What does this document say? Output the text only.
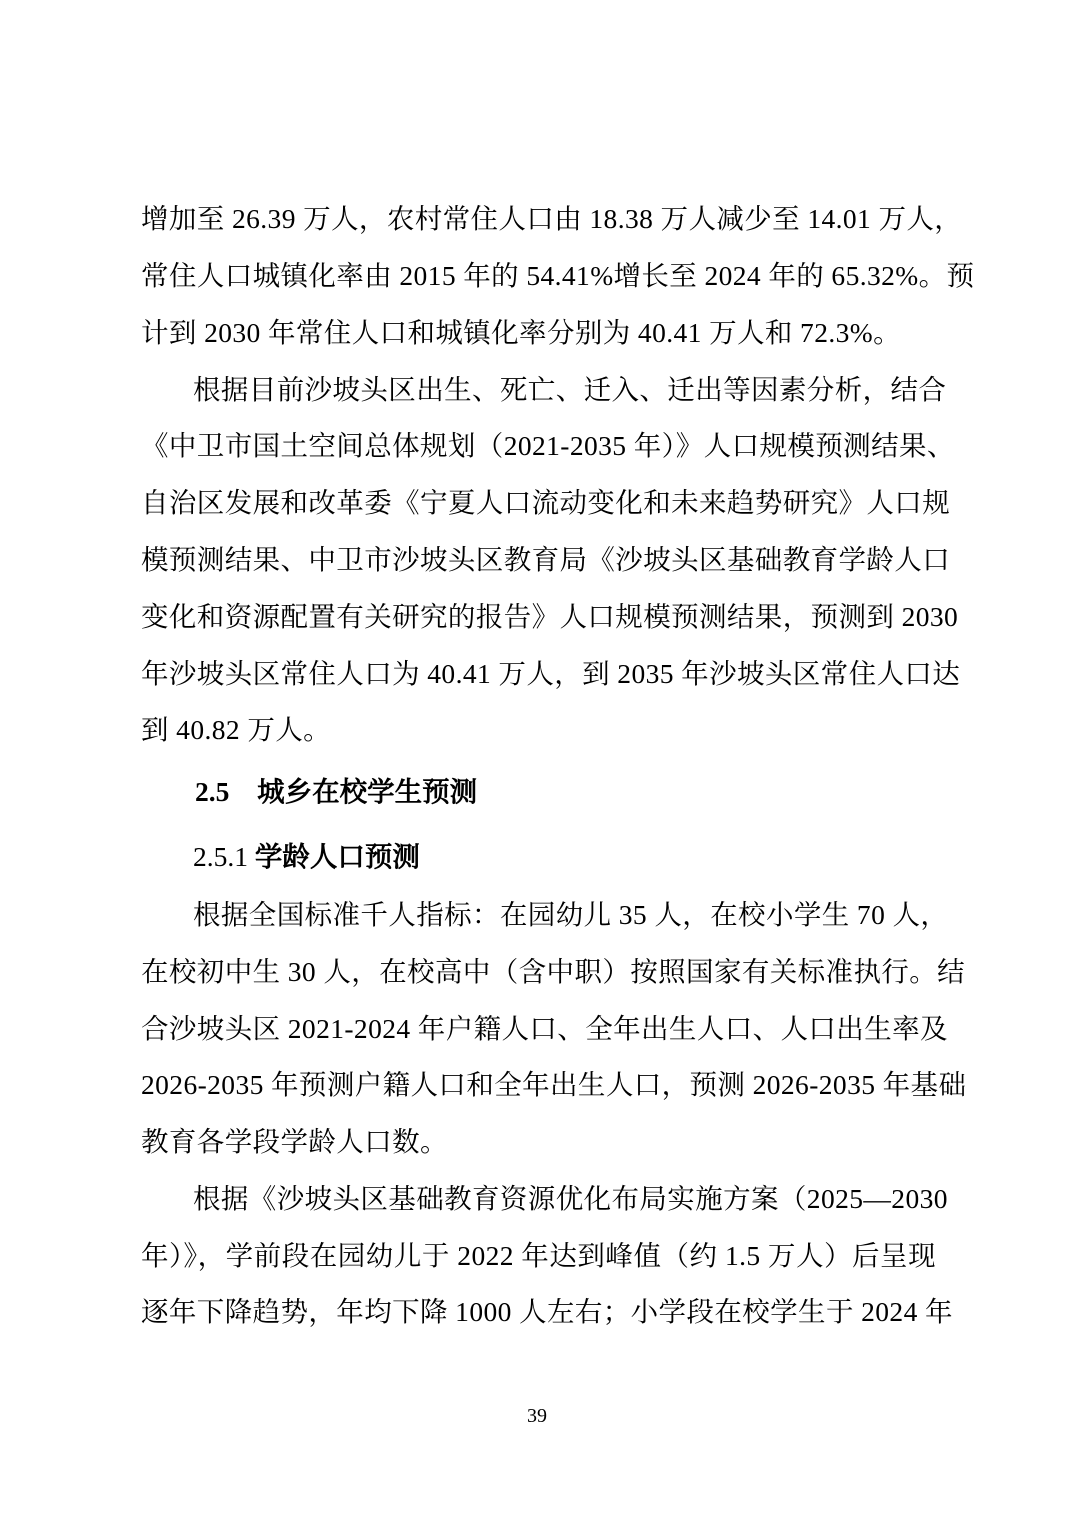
增加至 26.39 万人，农村常住人口由 18.38 万人减少至 14.01 万人，
常住人口城镇化率由 2015 年的 54.41%增长至 2024 年的 65.32%。预
计到 2030 年常住人口和城镇化率分别为 40.41 万人和 72.3%。
根据目前沙坡头区出生、死亡、迁入、迁出等因素分析，结合
《中卫市国土空间总体规划（2021-2035 年）》人口规模预测结果、
自治区发展和改革委《宁夏人口流动变化和未来趋势研究》人口规
模预测结果、中卫市沙坡头区教育局《沙坡头区基础教育学龄人口
变化和资源配置有关研究的报告》人口规模预测结果，预测到 2030
年沙坡头区常住人口为 40.41 万人，到 2035 年沙坡头区常住人口达
到 40.82 万人。
2.5 城乡在校学生预测
2.5.1 学龄人口预测
根据全国标准千人指标：在园幼儿 35 人，在校小学生 70 人，
在校初中生 30 人，在校高中（含中职）按照国家有关标准执行。结
合沙坡头区 2021-2024 年户籍人口、全年出生人口、人口出生率及
2026-2035 年预测户籍人口和全年出生人口，预测 2026-2035 年基础
教育各学段学龄人口数。
根据《沙坡头区基础教育资源优化布局实施方案（2025—2030
年）》，学前段在园幼儿于 2022 年达到峰值（约 1.5 万人）后呈现
逐年下降趋势，年均下降 1000 人左右；小学段在校学生于 2024 年
39
